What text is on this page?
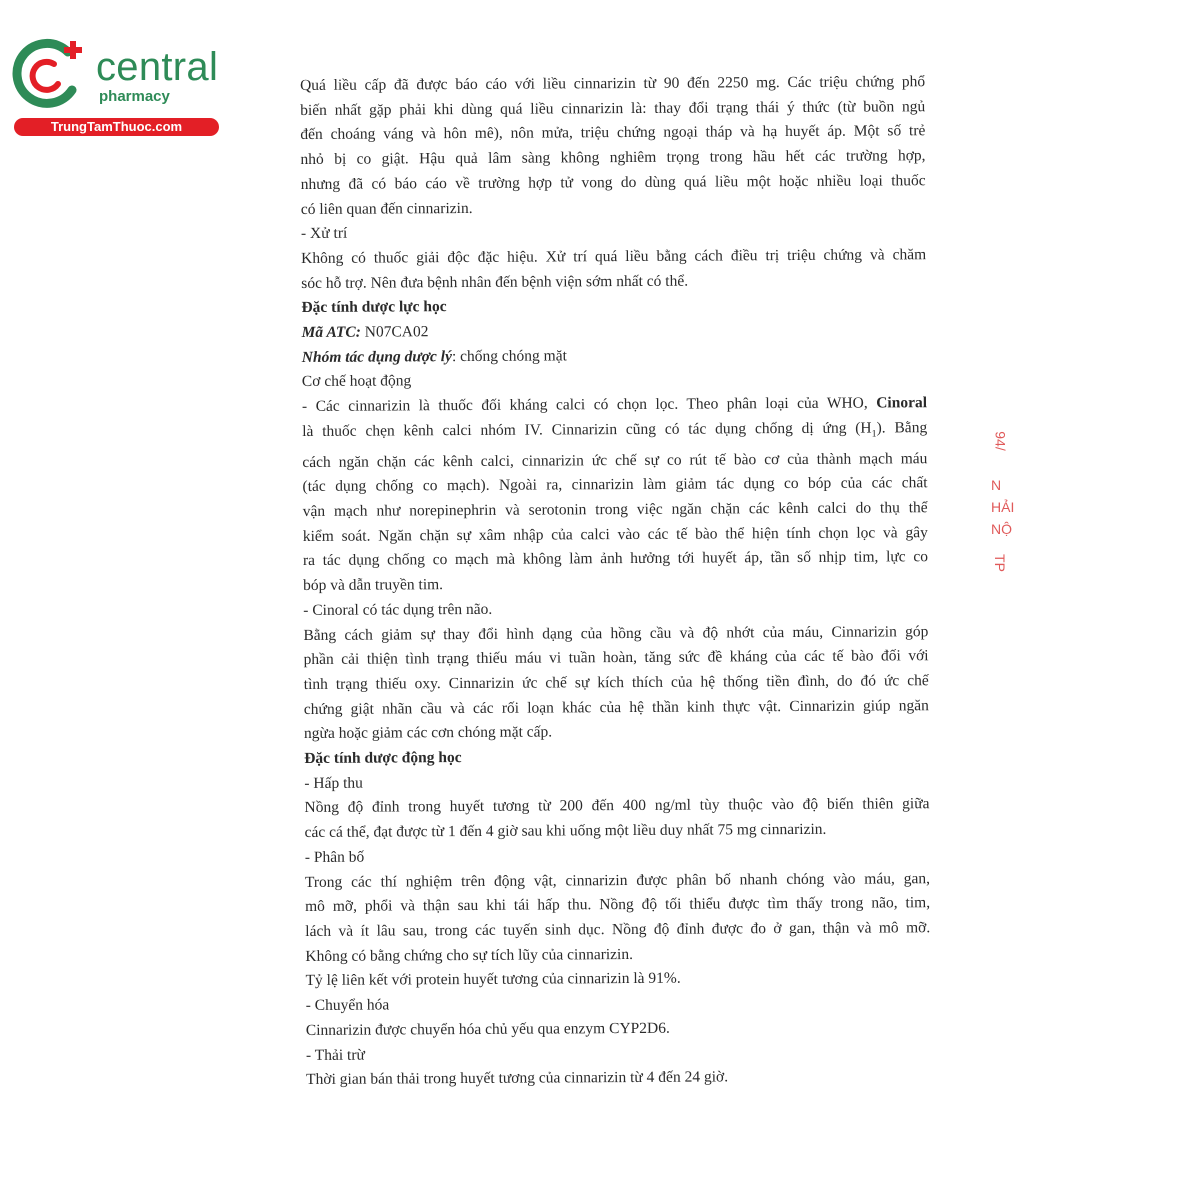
central
pharmacy
TrungTamThuoc.com
Quá liều cấp đã được báo cáo với liều cinnarizin từ 90 đến 2250 mg. Các triệu chứng phổ
biến nhất gặp phải khi dùng quá liều cinnarizin là: thay đổi trạng thái ý thức (từ buồn ngủ
đến choáng váng và hôn mê), nôn mửa, triệu chứng ngoại tháp và hạ huyết áp. Một số trẻ
nhỏ bị co giật. Hậu quả lâm sàng không nghiêm trọng trong hầu hết các trường hợp,
nhưng đã có báo cáo về trường hợp tử vong do dùng quá liều một hoặc nhiều loại thuốc
có liên quan đến cinnarizin.
- Xử trí
Không có thuốc giải độc đặc hiệu. Xử trí quá liều bằng cách điều trị triệu chứng và chăm
sóc hỗ trợ. Nên đưa bệnh nhân đến bệnh viện sớm nhất có thể.
Đặc tính dược lực học
Mã ATC: N07CA02
Nhóm tác dụng dược lý: chống chóng mặt
Cơ chế hoạt động
- Các cinnarizin là thuốc đối kháng calci có chọn lọc. Theo phân loại của WHO, Cinoral
là thuốc chẹn kênh calci nhóm IV. Cinnarizin cũng có tác dụng chống dị ứng $(H_1)$. Bằng
cách ngăn chặn các kênh calci, cinnarizin ức chế sự co rút tế bào cơ của thành mạch máu
(tác dụng chống co mạch). Ngoài ra, cinnarizin làm giảm tác dụng co bóp của các chất
vận mạch như norepinephrin và serotonin trong việc ngăn chặn các kênh calci do thụ thể
kiểm soát. Ngăn chặn sự xâm nhập của calci vào các tế bào thể hiện tính chọn lọc và gây
ra tác dụng chống co mạch mà không làm ảnh hưởng tới huyết áp, tần số nhịp tim, lực co
bóp và dẫn truyền tim.
- Cinoral có tác dụng trên não.
Bằng cách giảm sự thay đổi hình dạng của hồng cầu và độ nhớt của máu, Cinnarizin góp
phần cải thiện tình trạng thiếu máu vi tuần hoàn, tăng sức đề kháng của các tế bào đối với
tình trạng thiếu oxy. Cinnarizin ức chế sự kích thích của hệ thống tiền đình, do đó ức chế
chứng giật nhãn cầu và các rối loạn khác của hệ thần kinh thực vật. Cinnarizin giúp ngăn
ngừa hoặc giảm các cơn chóng mặt cấp.
Đặc tính dược động học
- Hấp thu
Nồng độ đỉnh trong huyết tương từ 200 đến 400 ng/ml tùy thuộc vào độ biến thiên giữa
các cá thể, đạt được từ 1 đến 4 giờ sau khi uống một liều duy nhất 75 mg cinnarizin.
- Phân bố
Trong các thí nghiệm trên động vật, cinnarizin được phân bố nhanh chóng vào máu, gan,
mô mỡ, phổi và thận sau khi tái hấp thu. Nồng độ tối thiểu được tìm thấy trong não, tim,
lách và ít lâu sau, trong các tuyến sinh dục. Nồng độ đỉnh được đo ở gan, thận và mô mỡ.
Không có bằng chứng cho sự tích lũy của cinnarizin.
Tỷ lệ liên kết với protein huyết tương của cinnarizin là 91%.
- Chuyển hóa
Cinnarizin được chuyển hóa chủ yếu qua enzym CYP2D6.
- Thải trừ
Thời gian bán thải trong huyết tương của cinnarizin từ 4 đến 24 giờ.
94/
N
HẢI
NỘ
TP
